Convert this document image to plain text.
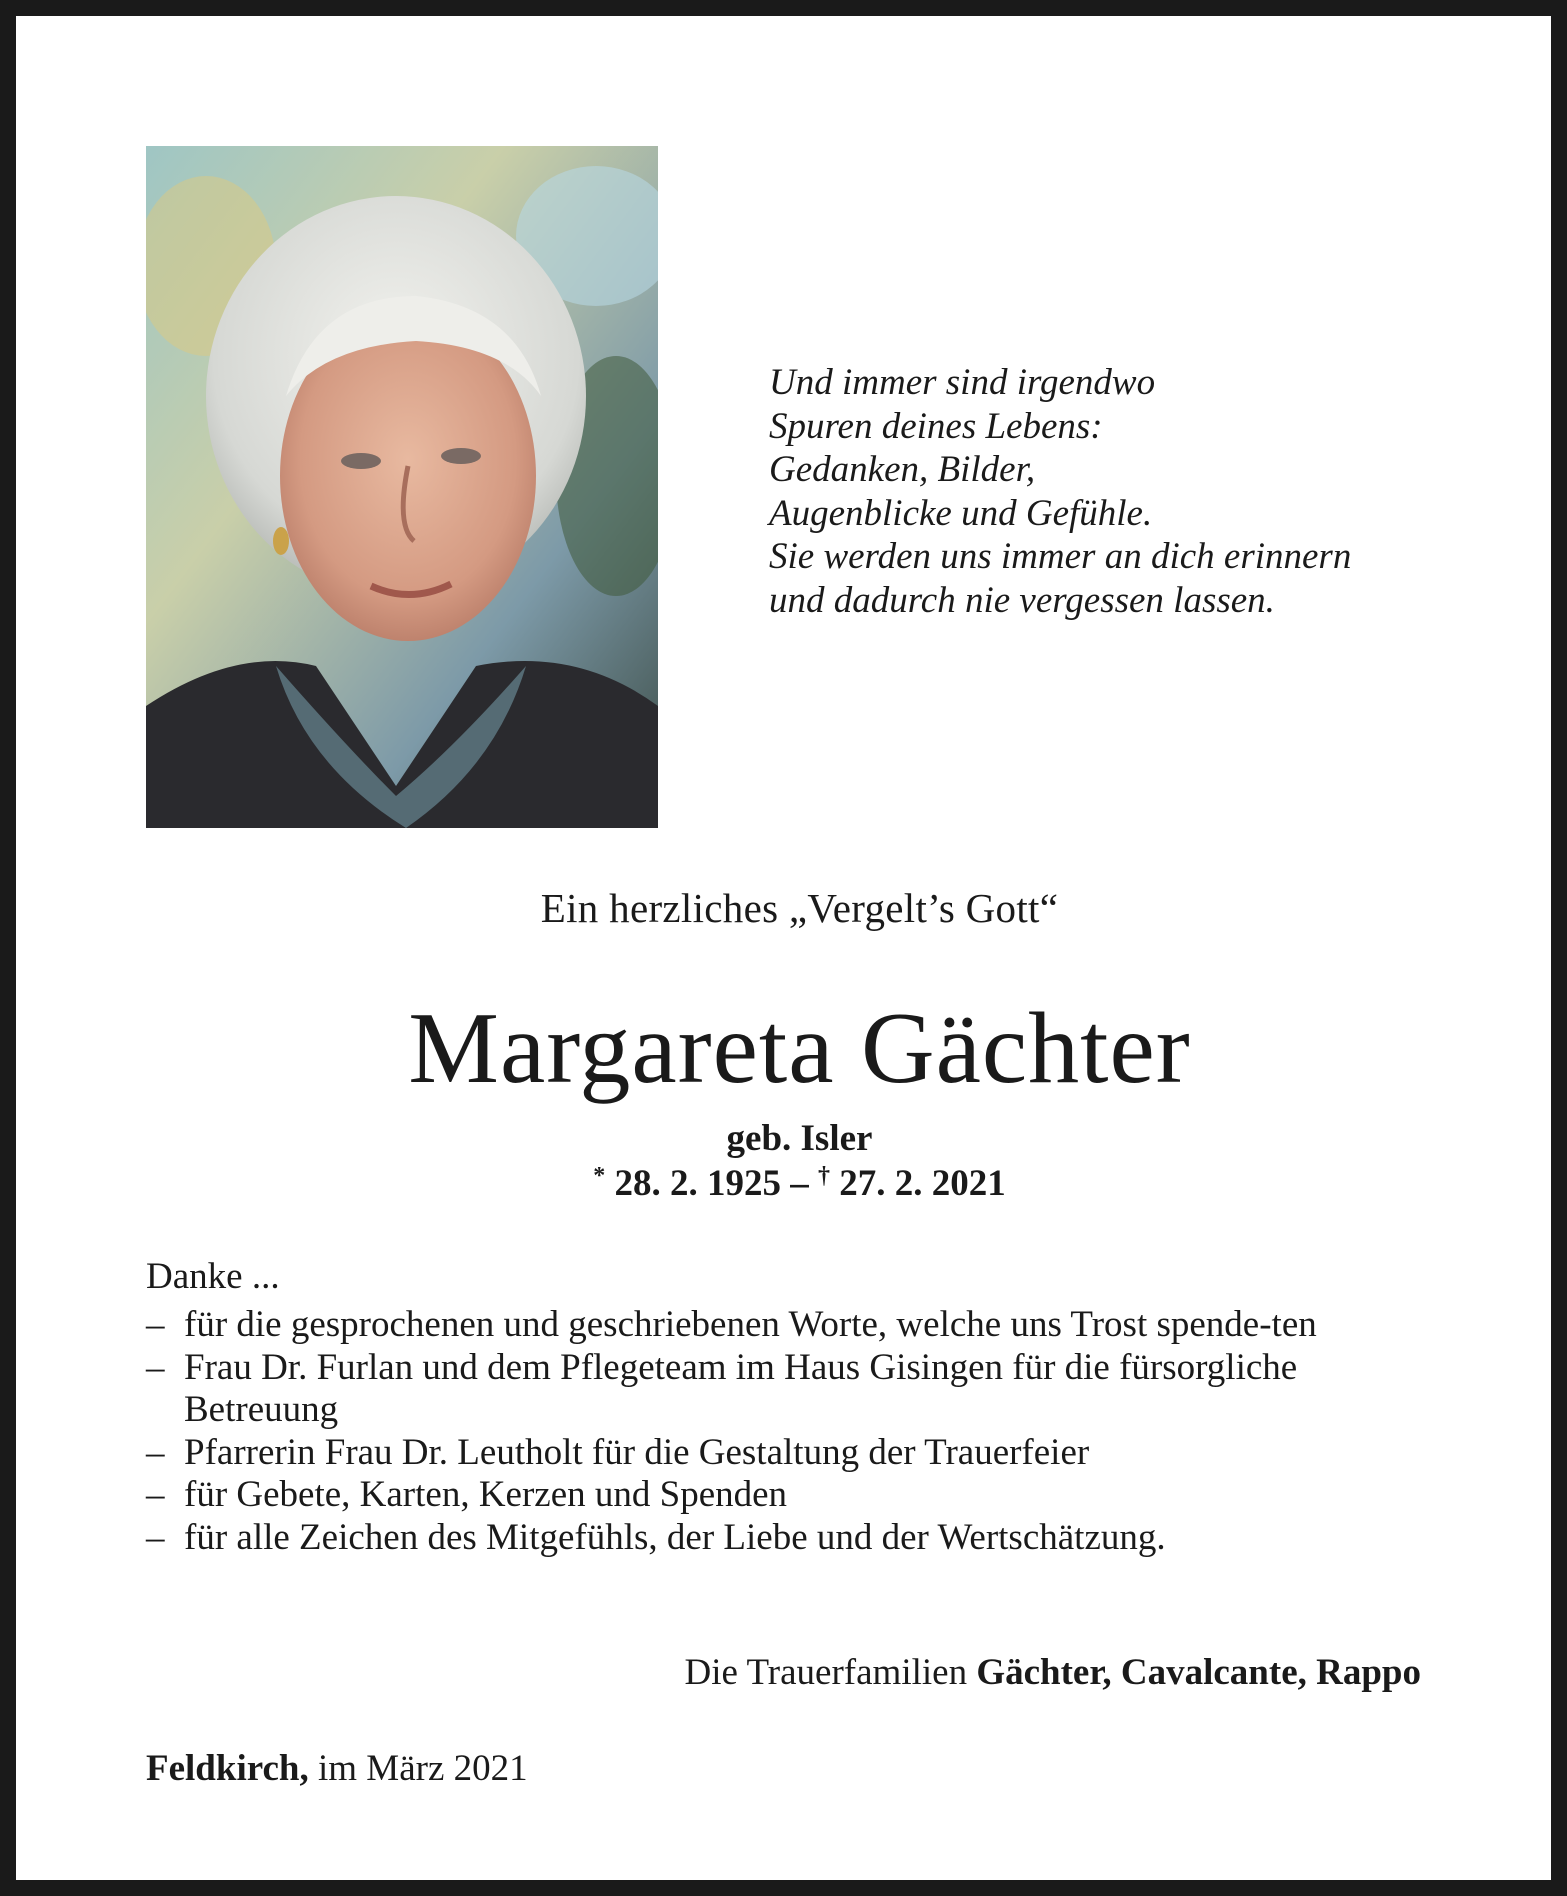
Und immer sind irgendwo
Spuren deines Lebens:
Gedanken, Bilder,
Augenblicke und Gefühle.
Sie werden uns immer an dich erinnern
und dadurch nie vergessen lassen.
Ein herzliches „Vergelt’s Gott“
Margareta Gächter
geb. Isler
* 28. 2. 1925 – † 27. 2. 2021
Danke ...
– für die gesprochenen und geschriebenen Worte, welche uns Trost spende-ten
– Frau Dr. Furlan und dem Pflegeteam im Haus Gisingen für die fürsorgliche Betreuung
– Pfarrerin Frau Dr. Leutholt für die Gestaltung der Trauerfeier
– für Gebete, Karten, Kerzen und Spenden
– für alle Zeichen des Mitgefühls, der Liebe und der Wertschätzung.
Die Trauerfamilien Gächter, Cavalcante, Rappo
Feldkirch, im März 2021
